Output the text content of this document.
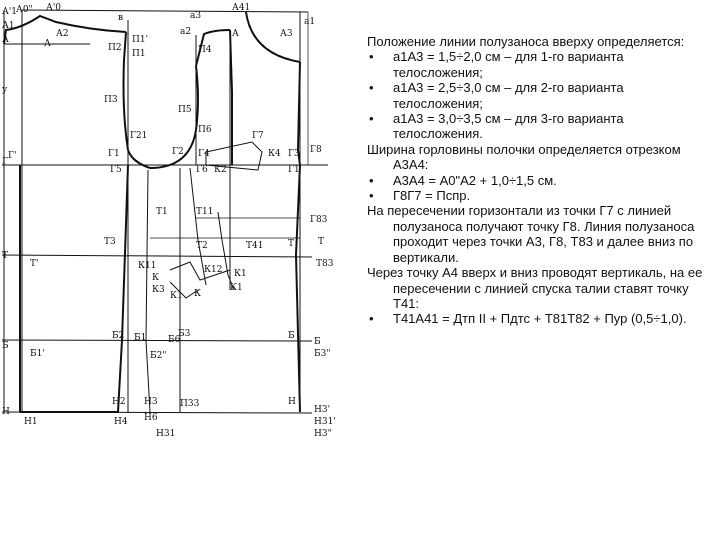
А'1
А0" А'0
А1
А
А2
А
П1
П2
П1'
в
а2
а3
А41
а1
П4
А	А3
у
П3
П5
П6
Г21	Г7
Г8
Г
Г1	Г2 Г4	Г3
Г'
Г5	Г6 К2
К4
Г1
Т1	Т11
Г83
Т3
Т
Т2	Т41	Т	Т
Т'	К11	К12
К	К1
Т83
К1
К
К1
К3
Б
Б2 Б1	Б3
Б1'
Б
Б2"	Б3"
Б6	Б
Н
Н1
Н2
Н4
Н3
Н31
Н6
П33
Н31'
Н3'
Н3"
Н

Положение линии полузаноса вверху определяется:

• а1А3 = 1,5÷2,0 см – для 1-го варианта телосложения;

• а1А3 = 2,5÷3,0 см – для 2-го варианта телосложения;

• а1А3 = 3,0÷3,5 см – для 3-го варианта телосложения.

Ширина горловины полочки определяется отрезком А3А4:

• А3А4 = А0"А2 + 1,0÷1,5 см.

• Г8Г7 = Пспр.

На пересечении горизонтали из точки Г7 с линией полузаноса получают точку Г8. Линия полузаноса проходит через точки А3, Г8, Т83 и далее вниз по вертикали.

Через точку А4 вверх и вниз проводят вертикаль, на ее пересечении с линией спуска талии ставят точку Т41:

• Т41А41 = Дтп II + Пдтс + Т81Т82 + Пур (0,5÷1,0).
